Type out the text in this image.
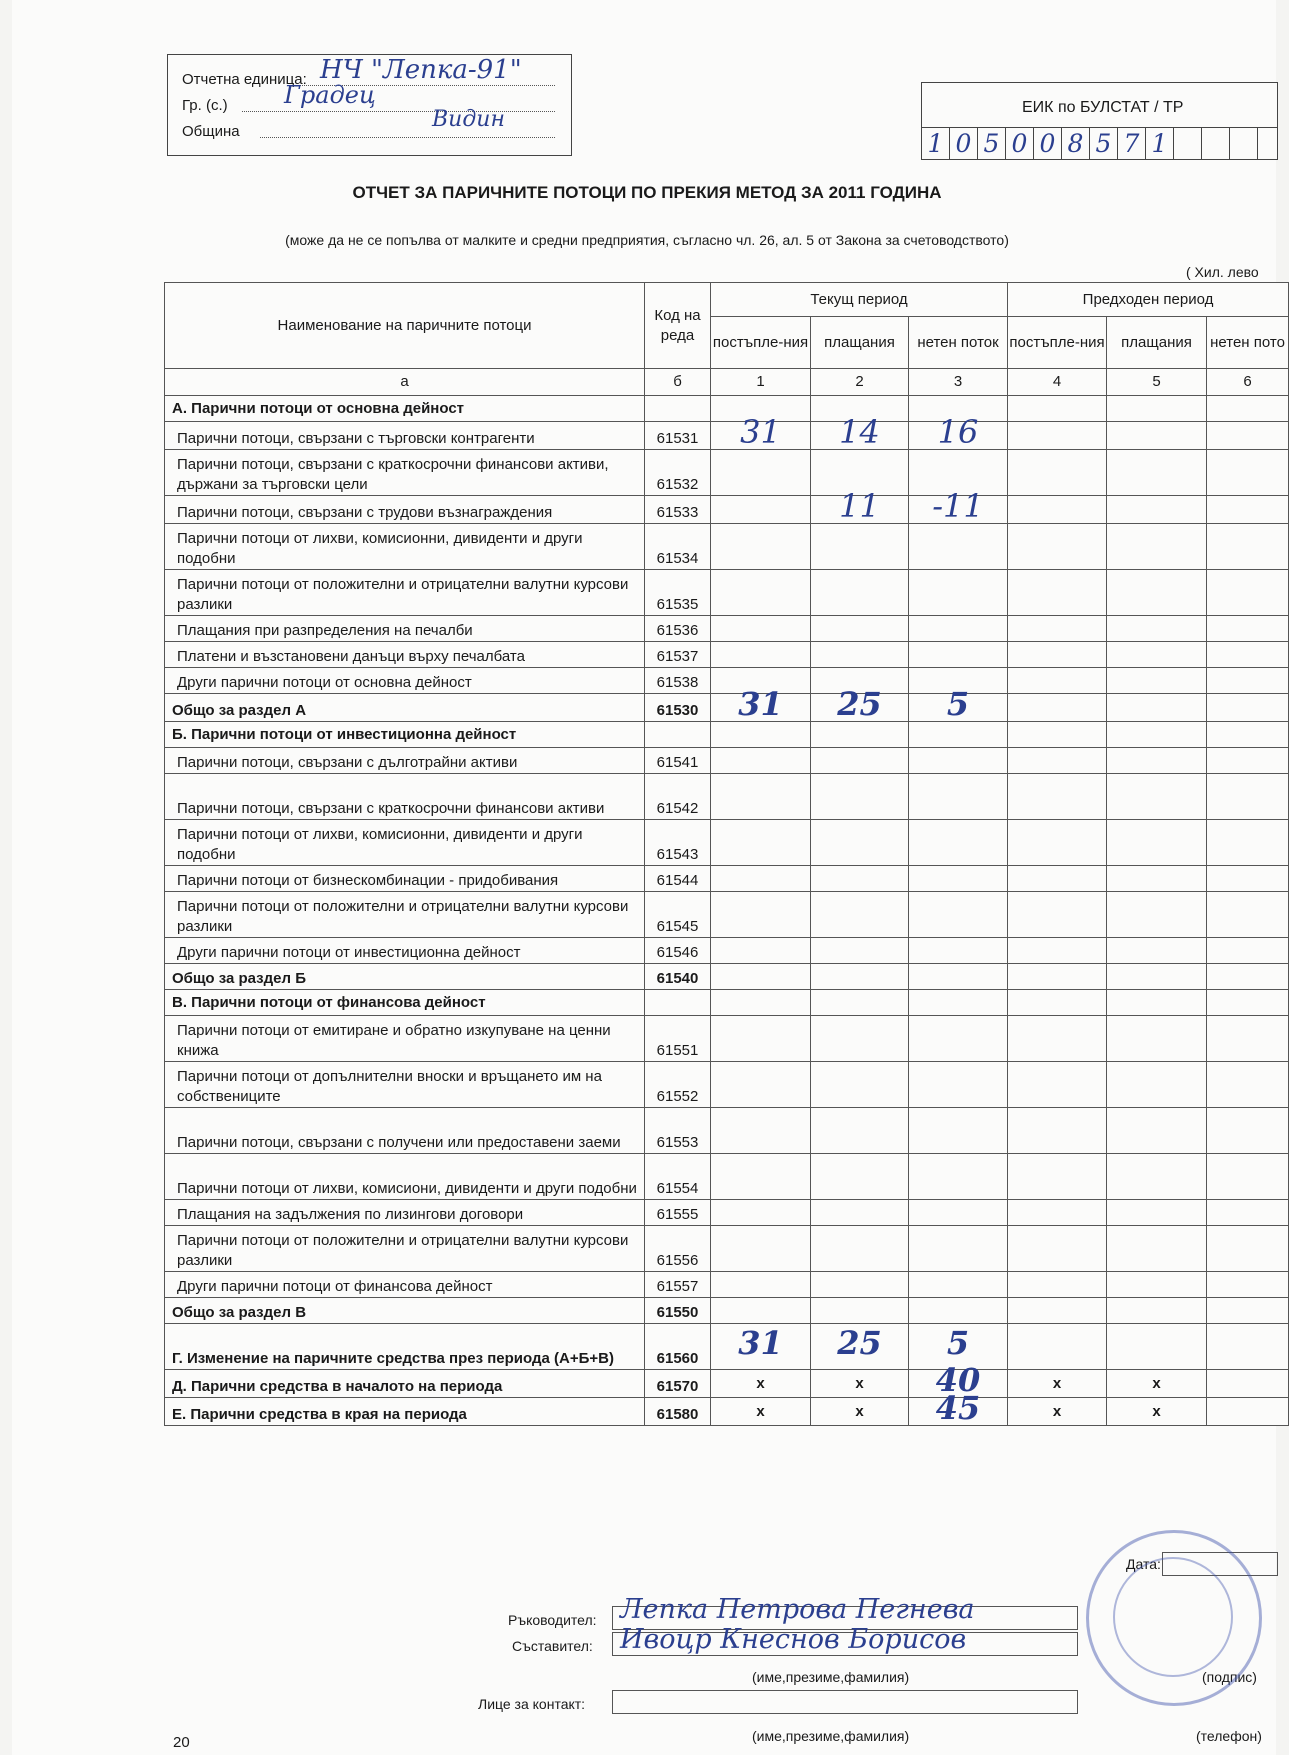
Отчетна единица: НЧ "Лепка-91"
Гр. (с.) Градец
Община	Видин	ЕИК по БУЛСТАТ / ТР
1 0 5 0 0 8 5 7 1
ОТЧЕТ ЗА ПАРИЧНИТЕ ПОТОЦИ ПО ПРЕКИЯ МЕТОД ЗА 2011 ГОДИНА
(може да не се попълва от малките и средни предприятия, съгласно чл. 26, ал. 5 от Закона за счетоводството)
( Хил. лево
Наименование на паричните потоци	Код на реда	Текущ период			Предходен период		
		постъпле-ния	плащания	нетен поток	постъпле-ния	плащания	нетен пото
а	б	1	2	3	4	5	6
А. Парични потоци от основна дейност							
Парични потоци, свързани с търговски контрагенти	61531	31	14	16			
Парични потоци, свързани с краткосрочни финансови активи, държани за търговски цели	61532						
Парични потоци, свързани с трудови възнаграждения	61533		11	-11			
Парични потоци от лихви, комисионни, дивиденти и други подобни	61534						
Парични потоци от положителни и отрицателни валутни курсови разлики	61535						
Плащания при разпределения на печалби	61536						
Платени и възстановени данъци върху печалбата	61537						
Други парични потоци от основна дейност	61538						
Общо за раздел А	61530	31	25	5			
Б. Парични потоци от инвестиционна дейност							
Парични потоци, свързани с дълготрайни активи	61541						
Парични потоци, свързани с краткосрочни финансови активи	61542						
Парични потоци от лихви, комисионни, дивиденти и други подобни	61543						
Парични потоци от бизнескомбинации - придобивания	61544						
Парични потоци от положителни и отрицателни валутни курсови разлики	61545						
Други парични потоци от инвестиционна дейност	61546						
Общо за раздел Б	61540						
В. Парични потоци от финансова дейност							
Парични потоци от емитиране и обратно изкупуване на ценни книжа	61551						
Парични потоци от допълнителни вноски и връщането им на собствениците	61552						
Парични потоци, свързани с получени или предоставени заеми	61553						
Парични потоци от лихви, комисиони, дивиденти и други подобни	61554						
Плащания на задължения по лизингови договори	61555						
Парични потоци от положителни и отрицателни валутни курсови разлики	61556						
Други парични потоци от финансова дейност	61557						
Общо за раздел В	61550						
Г. Изменение на паричните средства през периода (А+Б+В)	61560	31	25	5			
Д. Парични средства в началото на периода	61570	x	x	40	x	x	
Е. Парични средства в края на периода	61580	x	x	45	x	x	
Дата:
Ръководител: Лепка Петрова Пегнева
Съставител: Ивоцр Кнеснов Борисов
(име,презиме,фамилия)	(подпис)
Лице за контакт:
(име,презиме,фамилия)	(телефон)
20
